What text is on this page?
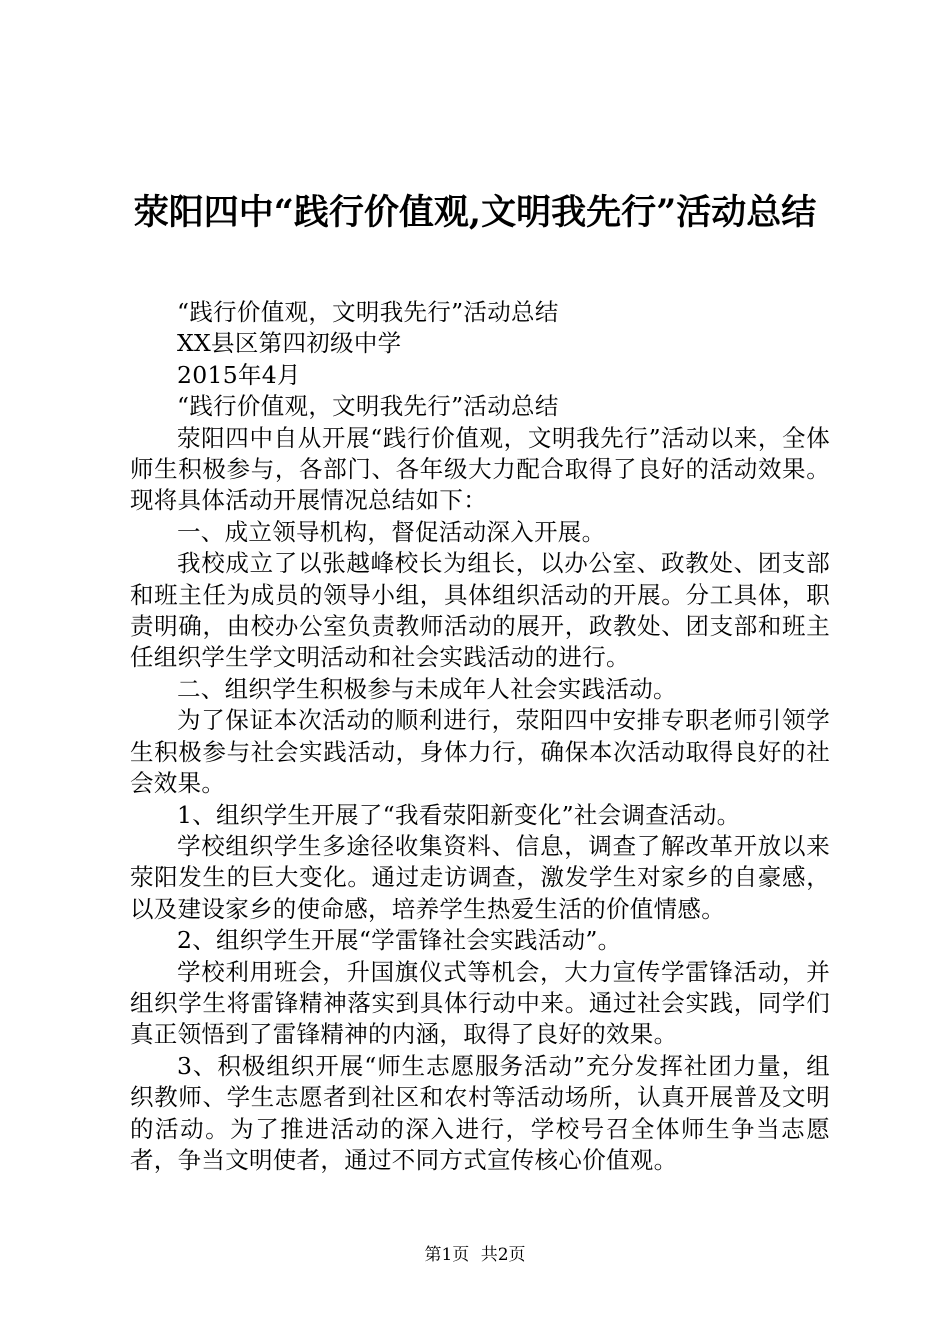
荥阳四中“践行价值观,文明我先行”活动总结

“践行价值观，文明我先行”活动总结

XX县区第四初级中学

2015年4月

“践行价值观，文明我先行”活动总结

荥阳四中自从开展“践行价值观，文明我先行”活动以来，全体师生积极参与，各部门、各年级大力配合取得了良好的活动效果。现将具体活动开展情况总结如下：

一、成立领导机构，督促活动深入开展。

我校成立了以张越峰校长为组长，以办公室、政教处、团支部和班主任为成员的领导小组，具体组织活动的开展。分工具体，职责明确，由校办公室负责教师活动的展开，政教处、团支部和班主任组织学生学文明活动和社会实践活动的进行。

二、组织学生积极参与未成年人社会实践活动。

为了保证本次活动的顺利进行，荥阳四中安排专职老师引领学生积极参与社会实践活动，身体力行，确保本次活动取得良好的社会效果。

1、组织学生开展了“我看荥阳新变化”社会调查活动。

学校组织学生多途径收集资料、信息，调查了解改革开放以来荥阳发生的巨大变化。通过走访调查，激发学生对家乡的自豪感，以及建设家乡的使命感，培养学生热爱生活的价值情感。

2、组织学生开展“学雷锋社会实践活动”。

学校利用班会，升国旗仪式等机会，大力宣传学雷锋活动，并组织学生将雷锋精神落实到具体行动中来。通过社会实践，同学们真正领悟到了雷锋精神的内涵，取得了良好的效果。

3、积极组织开展“师生志愿服务活动”充分发挥社团力量，组织教师、学生志愿者到社区和农村等活动场所，认真开展普及文明的活动。为了推进活动的深入进行，学校号召全体师生争当志愿者，争当文明使者，通过不同方式宣传核心价值观。

第1页 共2页
